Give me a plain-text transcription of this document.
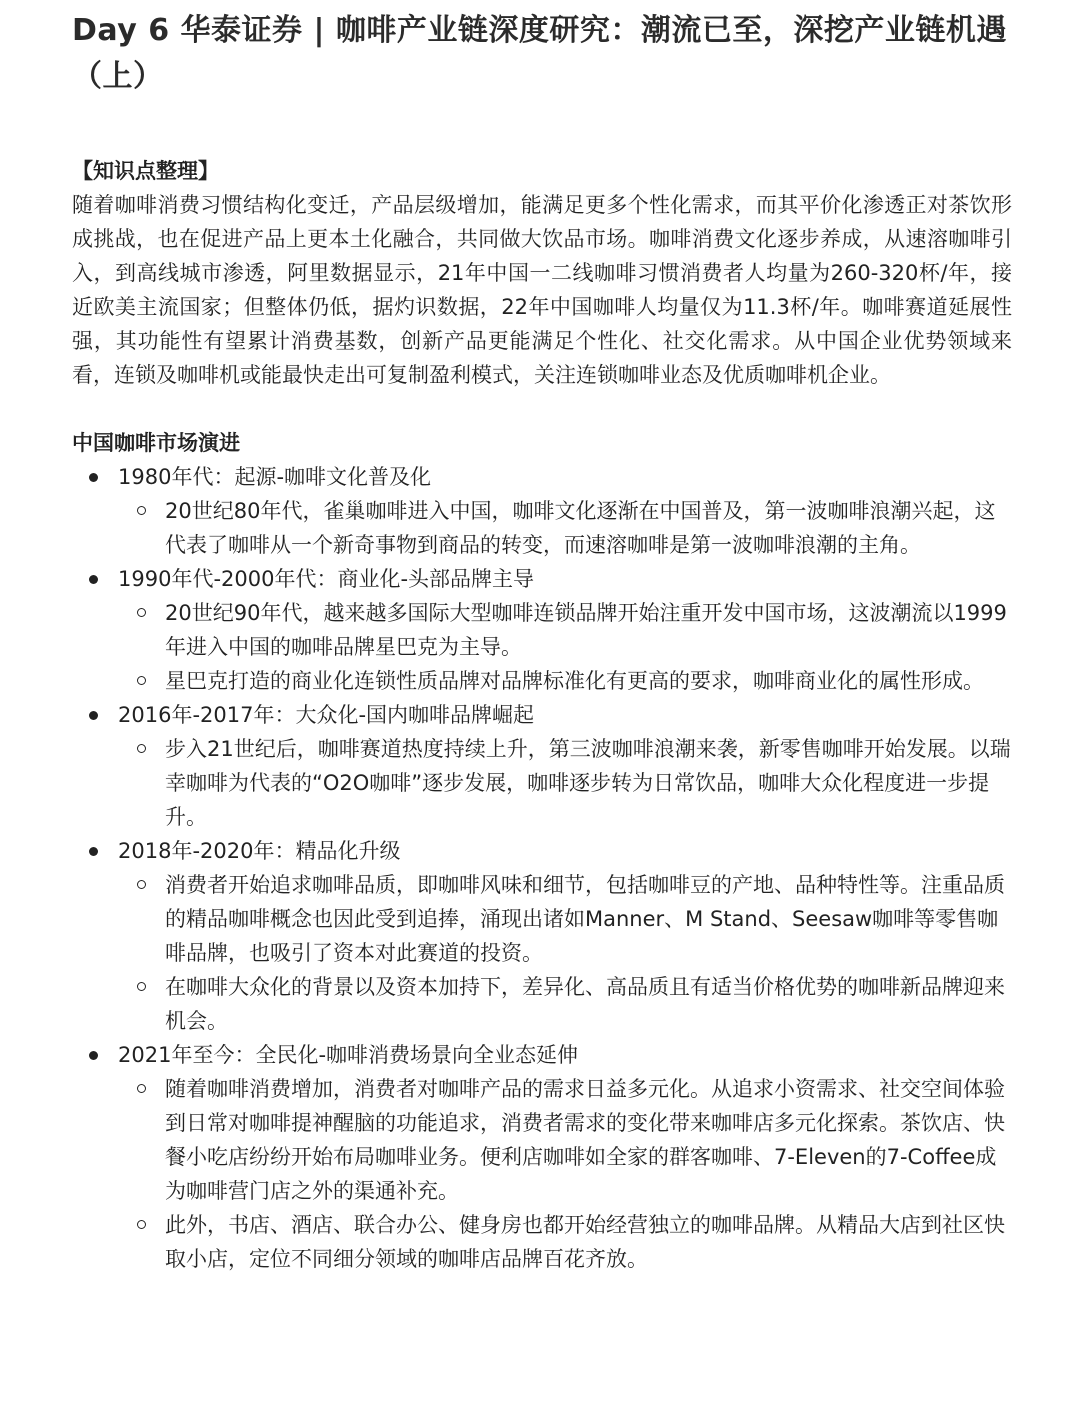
Day 6 华泰证券 | 咖啡产业链深度研究：潮流已至，深挖产业链机遇（上）

【知识点整理】

随着咖啡消费习惯结构化变迁，产品层级增加，能满足更多个性化需求，而其平价化渗透正对茶饮形成挑战，也在促进产品上更本土化融合，共同做大饮品市场。咖啡消费文化逐步养成，从速溶咖啡引入，到高线城市渗透，阿里数据显示，21年中国一二线咖啡习惯消费者人均量为260-320杯/年，接近欧美主流国家；但整体仍低，据灼识数据，22年中国咖啡人均量仅为11.3杯/年。咖啡赛道延展性强，其功能性有望累计消费基数，创新产品更能满足个性化、社交化需求。从中国企业优势领域来看，连锁及咖啡机或能最快走出可复制盈利模式，关注连锁咖啡业态及优质咖啡机企业。

中国咖啡市场演进

1980年代：起源-咖啡文化普及化
20世纪80年代，雀巢咖啡进入中国，咖啡文化逐渐在中国普及，第一波咖啡浪潮兴起，这代表了咖啡从一个新奇事物到商品的转变，而速溶咖啡是第一波咖啡浪潮的主角。
1990年代-2000年代：商业化-头部品牌主导
20世纪90年代，越来越多国际大型咖啡连锁品牌开始注重开发中国市场，这波潮流以1999年进入中国的咖啡品牌星巴克为主导。
星巴克打造的商业化连锁性质品牌对品牌标准化有更高的要求，咖啡商业化的属性形成。
2016年-2017年：大众化-国内咖啡品牌崛起
步入21世纪后，咖啡赛道热度持续上升，第三波咖啡浪潮来袭，新零售咖啡开始发展。以瑞幸咖啡为代表的“O2O咖啡”逐步发展，咖啡逐步转为日常饮品，咖啡大众化程度进一步提升。
2018年-2020年：精品化升级
消费者开始追求咖啡品质，即咖啡风味和细节，包括咖啡豆的产地、品种特性等。注重品质的精品咖啡概念也因此受到追捧，涌现出诸如Manner、M Stand、Seesaw咖啡等零售咖啡品牌，也吸引了资本对此赛道的投资。
在咖啡大众化的背景以及资本加持下，差异化、高品质且有适当价格优势的咖啡新品牌迎来机会。
2021年至今：全民化-咖啡消费场景向全业态延伸
随着咖啡消费增加，消费者对咖啡产品的需求日益多元化。从追求小资需求、社交空间体验到日常对咖啡提神醒脑的功能追求，消费者需求的变化带来咖啡店多元化探索。茶饮店、快餐小吃店纷纷开始布局咖啡业务。便利店咖啡如全家的群客咖啡、7-Eleven的7-Coffee成为咖啡营门店之外的渠通补充。
此外，书店、酒店、联合办公、健身房也都开始经营独立的咖啡品牌。从精品大店到社区快取小店，定位不同细分领域的咖啡店品牌百花齐放。
